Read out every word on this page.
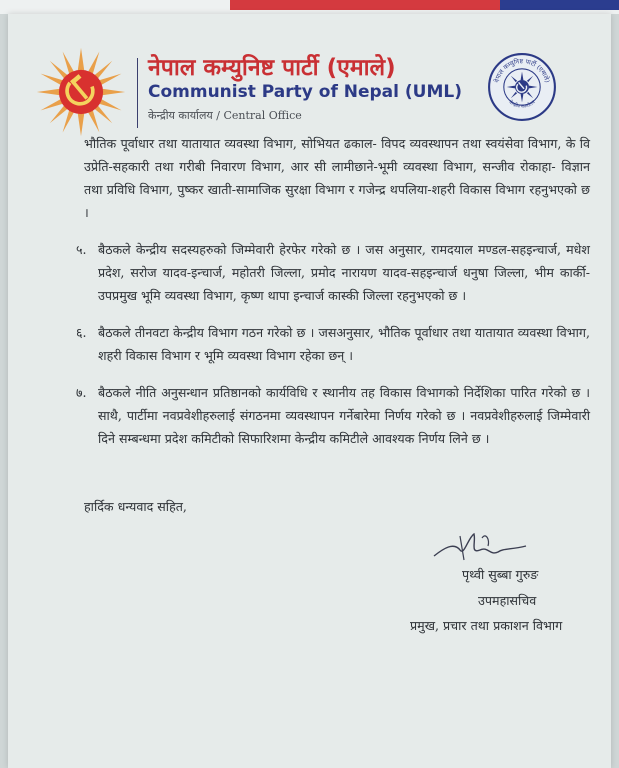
नेपाल कम्युनिष्ट पार्टी (एमाले)
Communist Party of Nepal (UML)
केन्द्रीय कार्यालय / Central Office
नेपाल कम्युनिष्ट पार्टी (एमाले)
केन्द्रीय कार्यालय

भौतिक पूर्वाधार तथा यातायात व्यवस्था विभाग, सोभियत ढकाल- विपद व्यवस्थापन तथा स्वयंसेवा विभाग, के वि उप्रेति-सहकारी तथा गरीबी निवारण विभाग, आर सी लामीछाने-भूमी व्यवस्था विभाग, सन्जीव रोकाहा- विज्ञान तथा प्रविधि विभाग, पुष्कर खाती-सामाजिक सुरक्षा विभाग र गजेन्द्र थपलिया-शहरी विकास विभाग रहनुभएको छ ।

५. बैठकले केन्द्रीय सदस्यहरुको जिम्मेवारी हेरफेर गरेको छ । जस अनुसार, रामदयाल मण्डल-सहइन्चार्ज, मधेश प्रदेश, सरोज यादव-इन्चार्ज, महोतरी जिल्ला, प्रमोद नारायण यादव-सहइन्चार्ज धनुषा जिल्ला, भीम कार्की-उपप्रमुख भूमि व्यवस्था विभाग, कृष्ण थापा इन्चार्ज कास्की जिल्ला रहनुभएको छ ।
६. बैठकले तीनवटा केन्द्रीय विभाग गठन गरेको छ । जसअनुसार, भौतिक पूर्वाधार तथा यातायात व्यवस्था विभाग, शहरी विकास विभाग र भूमि व्यवस्था विभाग रहेका छन् ।
७. बैठकले नीति अनुसन्धान प्रतिष्ठानको कार्यविधि र स्थानीय तह विकास विभागको निर्देशिका पारित गरेको छ । साथै, पार्टीमा नवप्रवेशीहरुलाई संगठनमा व्यवस्थापन गर्नेबारेमा निर्णय गरेको छ । नवप्रवेशीहरुलाई जिम्मेवारी दिने सम्बन्धमा प्रदेश कमिटीको सिफारिशमा केन्द्रीय कमिटीले आवश्यक निर्णय लिने छ ।
हार्दिक धन्यवाद सहित,
पृथ्वी सुब्बा गुरुङ
उपमहासचिव
प्रमुख, प्रचार तथा प्रकाशन विभाग
